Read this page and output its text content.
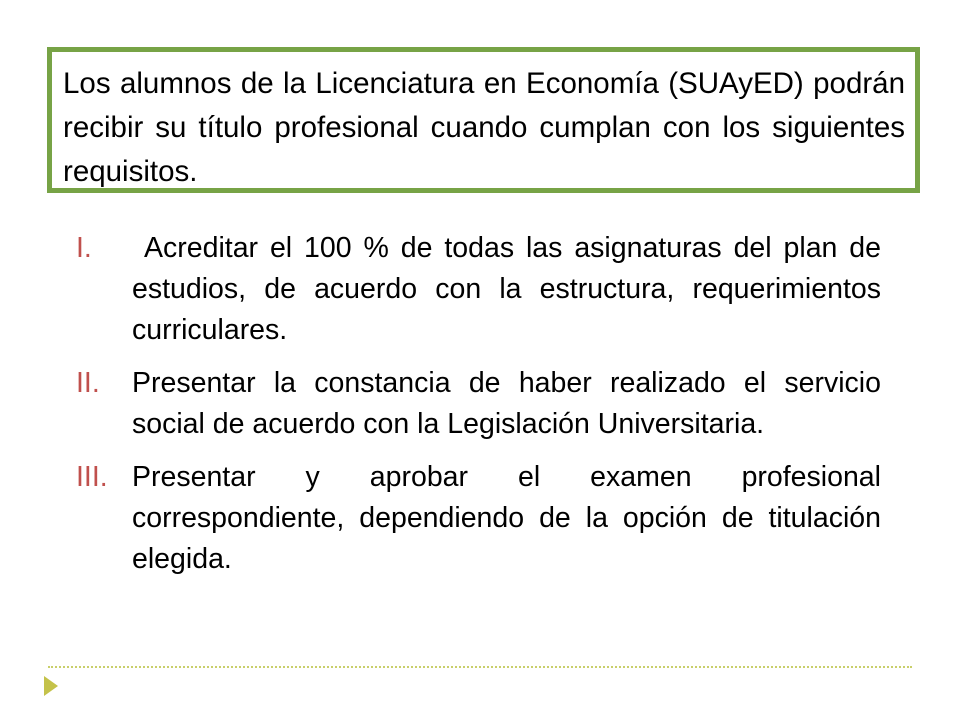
Los alumnos de la Licenciatura en Economía (SUAyED) podrán recibir su título profesional cuando cumplan con los siguientes requisitos.
I.	Acreditar el 100 % de todas las asignaturas del plan de estudios, de acuerdo con la estructura, requerimientos curriculares.
II. Presentar la constancia de haber realizado el servicio social de acuerdo con la Legislación Universitaria.
III. Presentar y aprobar el examen profesional correspondiente, dependiendo de la opción de titulación elegida.
